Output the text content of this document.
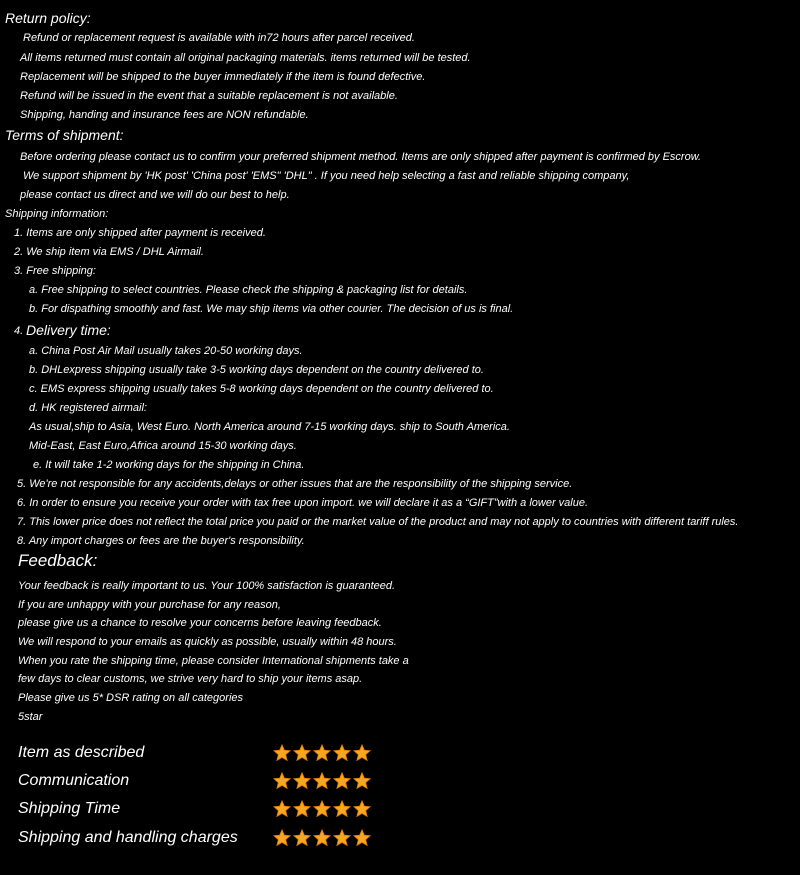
Return policy:
Refund or replacement request is available with in72 hours after parcel received.
All items returned must contain all original packaging materials. items returned will be tested.
Replacement will be shipped to the buyer immediately if the item is found defective.
Refund will be issued in the event that a suitable replacement is not available.
Shipping, handing and insurance fees are NON refundable.
Terms of shipment:
Before ordering please contact us to confirm your preferred shipment method. Items are only shipped after payment is confirmed by Escrow.
We support shipment by 'HK post' 'China post' 'EMS" 'DHL" . If you need help selecting a fast and reliable shipping company,
please contact us direct and we will do our best to help.
Shipping information:
1. Items are only shipped after payment is received.
2. We ship item via EMS / DHL Airmail.
3. Free shipping:
a. Free shipping to select countries. Please check the shipping & packaging list for details.
b. For dispathing smoothly and fast. We may ship items via other courier. The decision of us is final.
4. Delivery time:
a. China Post Air Mail usually takes 20-50 working days.
b. DHLexpress shipping usually take 3-5 working days dependent on the country delivered to.
c. EMS express shipping usually takes 5-8 working days dependent on the country delivered to.
d. HK registered airmail:
As usual,ship to Asia, West Euro. North America around 7-15 working days. ship to South America.
Mid-East, East Euro,Africa around 15-30 working days.
e. It will take 1-2 working days for the shipping in China.
5. We're not responsible for any accidents,delays or other issues that are the responsibility of the shipping service.
6. In order to ensure you receive your order with tax free upon import. we will declare it as a “GIFT”with a lower value.
7. This lower price does not reflect the total price you paid or the market value of the product and may not apply to countries with different tariff rules.
8. Any import charges or fees are the buyer's responsibility.
Feedback:
Your feedback is really important to us. Your 100% satisfaction is guaranteed.
If you are unhappy with your purchase for any reason,
please give us a chance to resolve your concerns before leaving feedback.
We will respond to your emails as quickly as possible, usually within 48 hours.
When you rate the shipping time, please consider International shipments take a
few days to clear customs, we strive very hard to ship your items asap.
Please give us 5* DSR rating on all categories
5star
Item as described
Communication
Shipping Time
Shipping and handling charges
